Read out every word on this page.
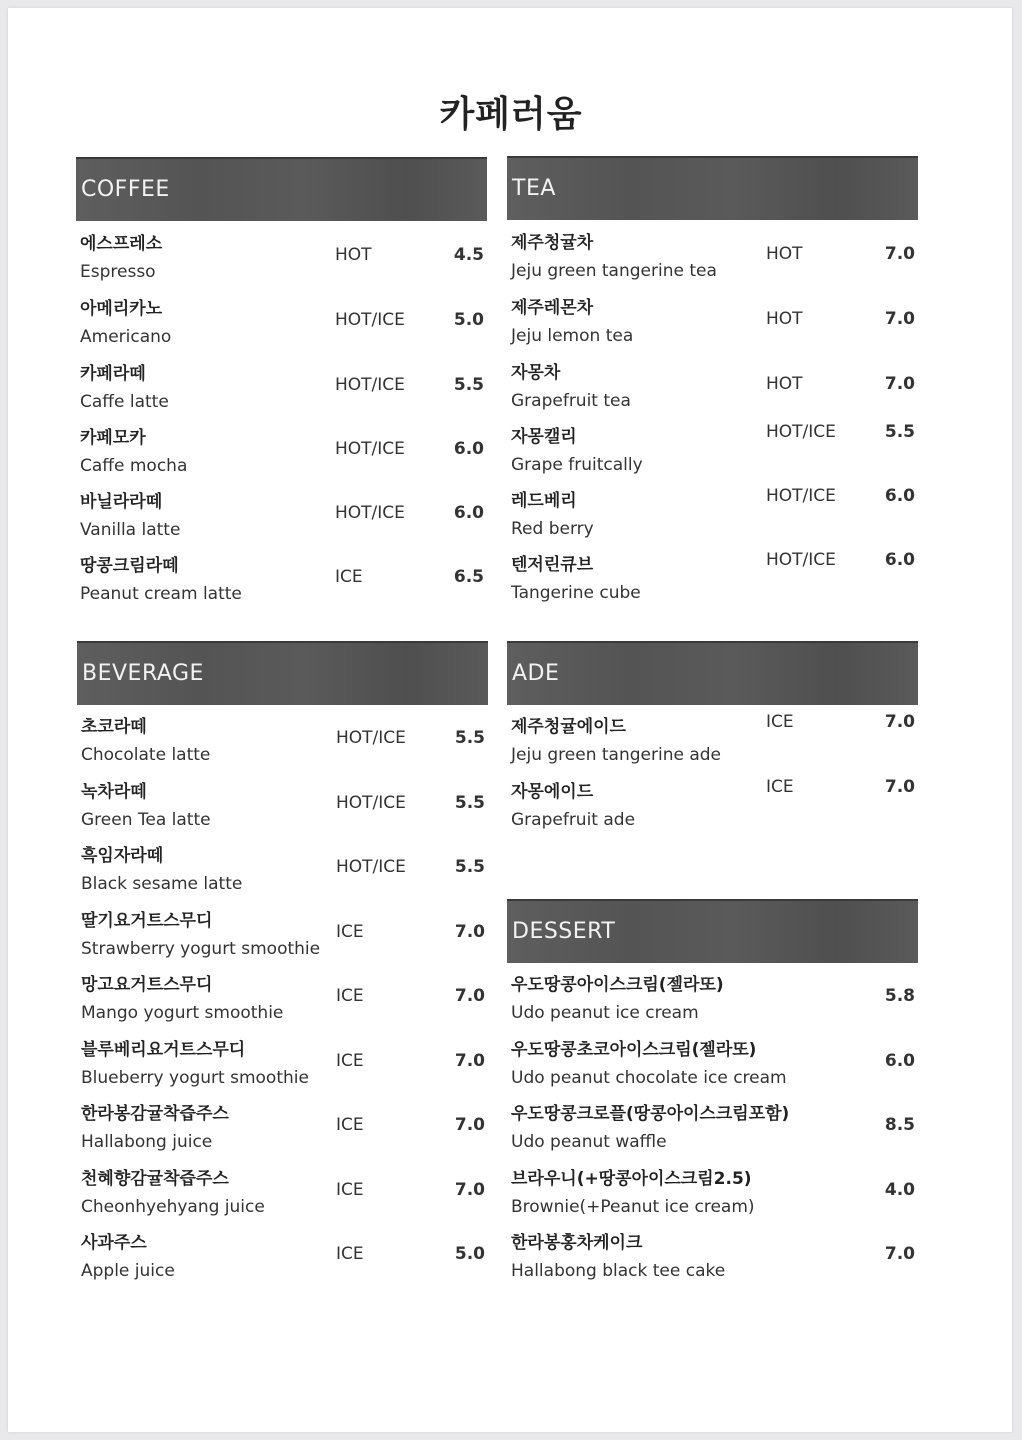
카페러움
COFFEE
에스프레소
Espresso
HOT	4.5
아메리카노
Americano
HOT/ICE	5.0
카페라떼
Caffe latte
HOT/ICE	5.5
카페모카
Caffe mocha
HOT/ICE	6.0
바닐라라떼
Vanilla latte
HOT/ICE	6.0
땅콩크림라떼
Peanut cream latte
ICE	6.5
TEA
제주청귤차
Jeju green tangerine tea
HOT	7.0
제주레몬차
Jeju lemon tea
HOT	7.0
자몽차
Grapefruit tea
HOT	7.0
자몽캘리
Grape fruitcally
HOT/ICE	5.5
레드베리
Red berry
HOT/ICE	6.0
텐저린큐브
Tangerine cube
HOT/ICE	6.0
BEVERAGE
초코라떼
Chocolate latte
HOT/ICE	5.5
녹차라떼
Green Tea latte
HOT/ICE	5.5
흑임자라떼
Black sesame latte
HOT/ICE	5.5
딸기요거트스무디
Strawberry yogurt smoothie
ICE	7.0
망고요거트스무디
Mango yogurt smoothie
ICE	7.0
블루베리요거트스무디
Blueberry yogurt smoothie
ICE	7.0
한라봉감귤착즙주스
Hallabong juice
ICE	7.0
천혜향감귤착즙주스
Cheonhyehyang juice
ICE	7.0
사과주스
Apple juice
ICE	5.0
ADE
제주청귤에이드
Jeju green tangerine ade
ICE	7.0
자몽에이드
Grapefruit ade
ICE	7.0
DESSERT
우도땅콩아이스크림(젤라또)
Udo peanut ice cream
5.8
우도땅콩초코아이스크림(젤라또)
Udo peanut chocolate ice cream
6.0
우도땅콩크로플(땅콩아이스크림포함)
Udo peanut waffle
8.5
브라우니(+땅콩아이스크림2.5)
Brownie(+Peanut ice cream)
4.0
한라봉홍차케이크
Hallabong black tee cake
7.0
